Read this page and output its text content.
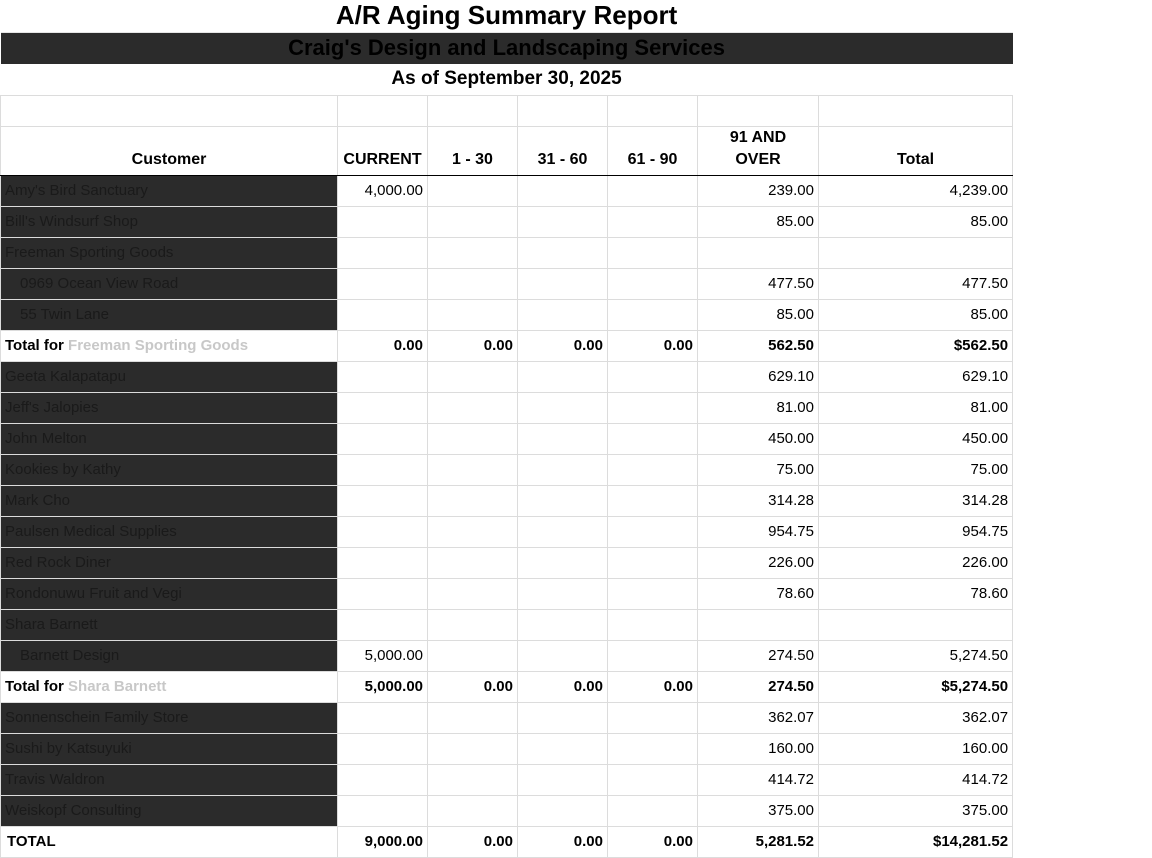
A/R Aging Summary Report						
Craig's Design and Landscaping Services						
As of September 30, 2025						

Customer	CURRENT	1 - 30	31 - 60	61 - 90	91 AND OVER	Total
Amy's Bird Sanctuary	4,000.00				239.00	4,239.00
Bill's Windsurf Shop					85.00	85.00
Freeman Sporting Goods						
0969 Ocean View Road					477.50	477.50
55 Twin Lane					85.00	85.00
Total for Freeman Sporting Goods	0.00	0.00	0.00	0.00	562.50	$562.50
Geeta Kalapatapu					629.10	629.10
Jeff's Jalopies					81.00	81.00
John Melton					450.00	450.00
Kookies by Kathy					75.00	75.00
Mark Cho					314.28	314.28
Paulsen Medical Supplies					954.75	954.75
Red Rock Diner					226.00	226.00
Rondonuwu Fruit and Vegi					78.60	78.60
Shara Barnett						
Barnett Design	5,000.00				274.50	5,274.50
Total for Shara Barnett	5,000.00	0.00	0.00	0.00	274.50	$5,274.50
Sonnenschein Family Store					362.07	362.07
Sushi by Katsuyuki					160.00	160.00
Travis Waldron					414.72	414.72
Weiskopf Consulting					375.00	375.00
TOTAL	9,000.00	0.00	0.00	0.00	5,281.52	$14,281.52
